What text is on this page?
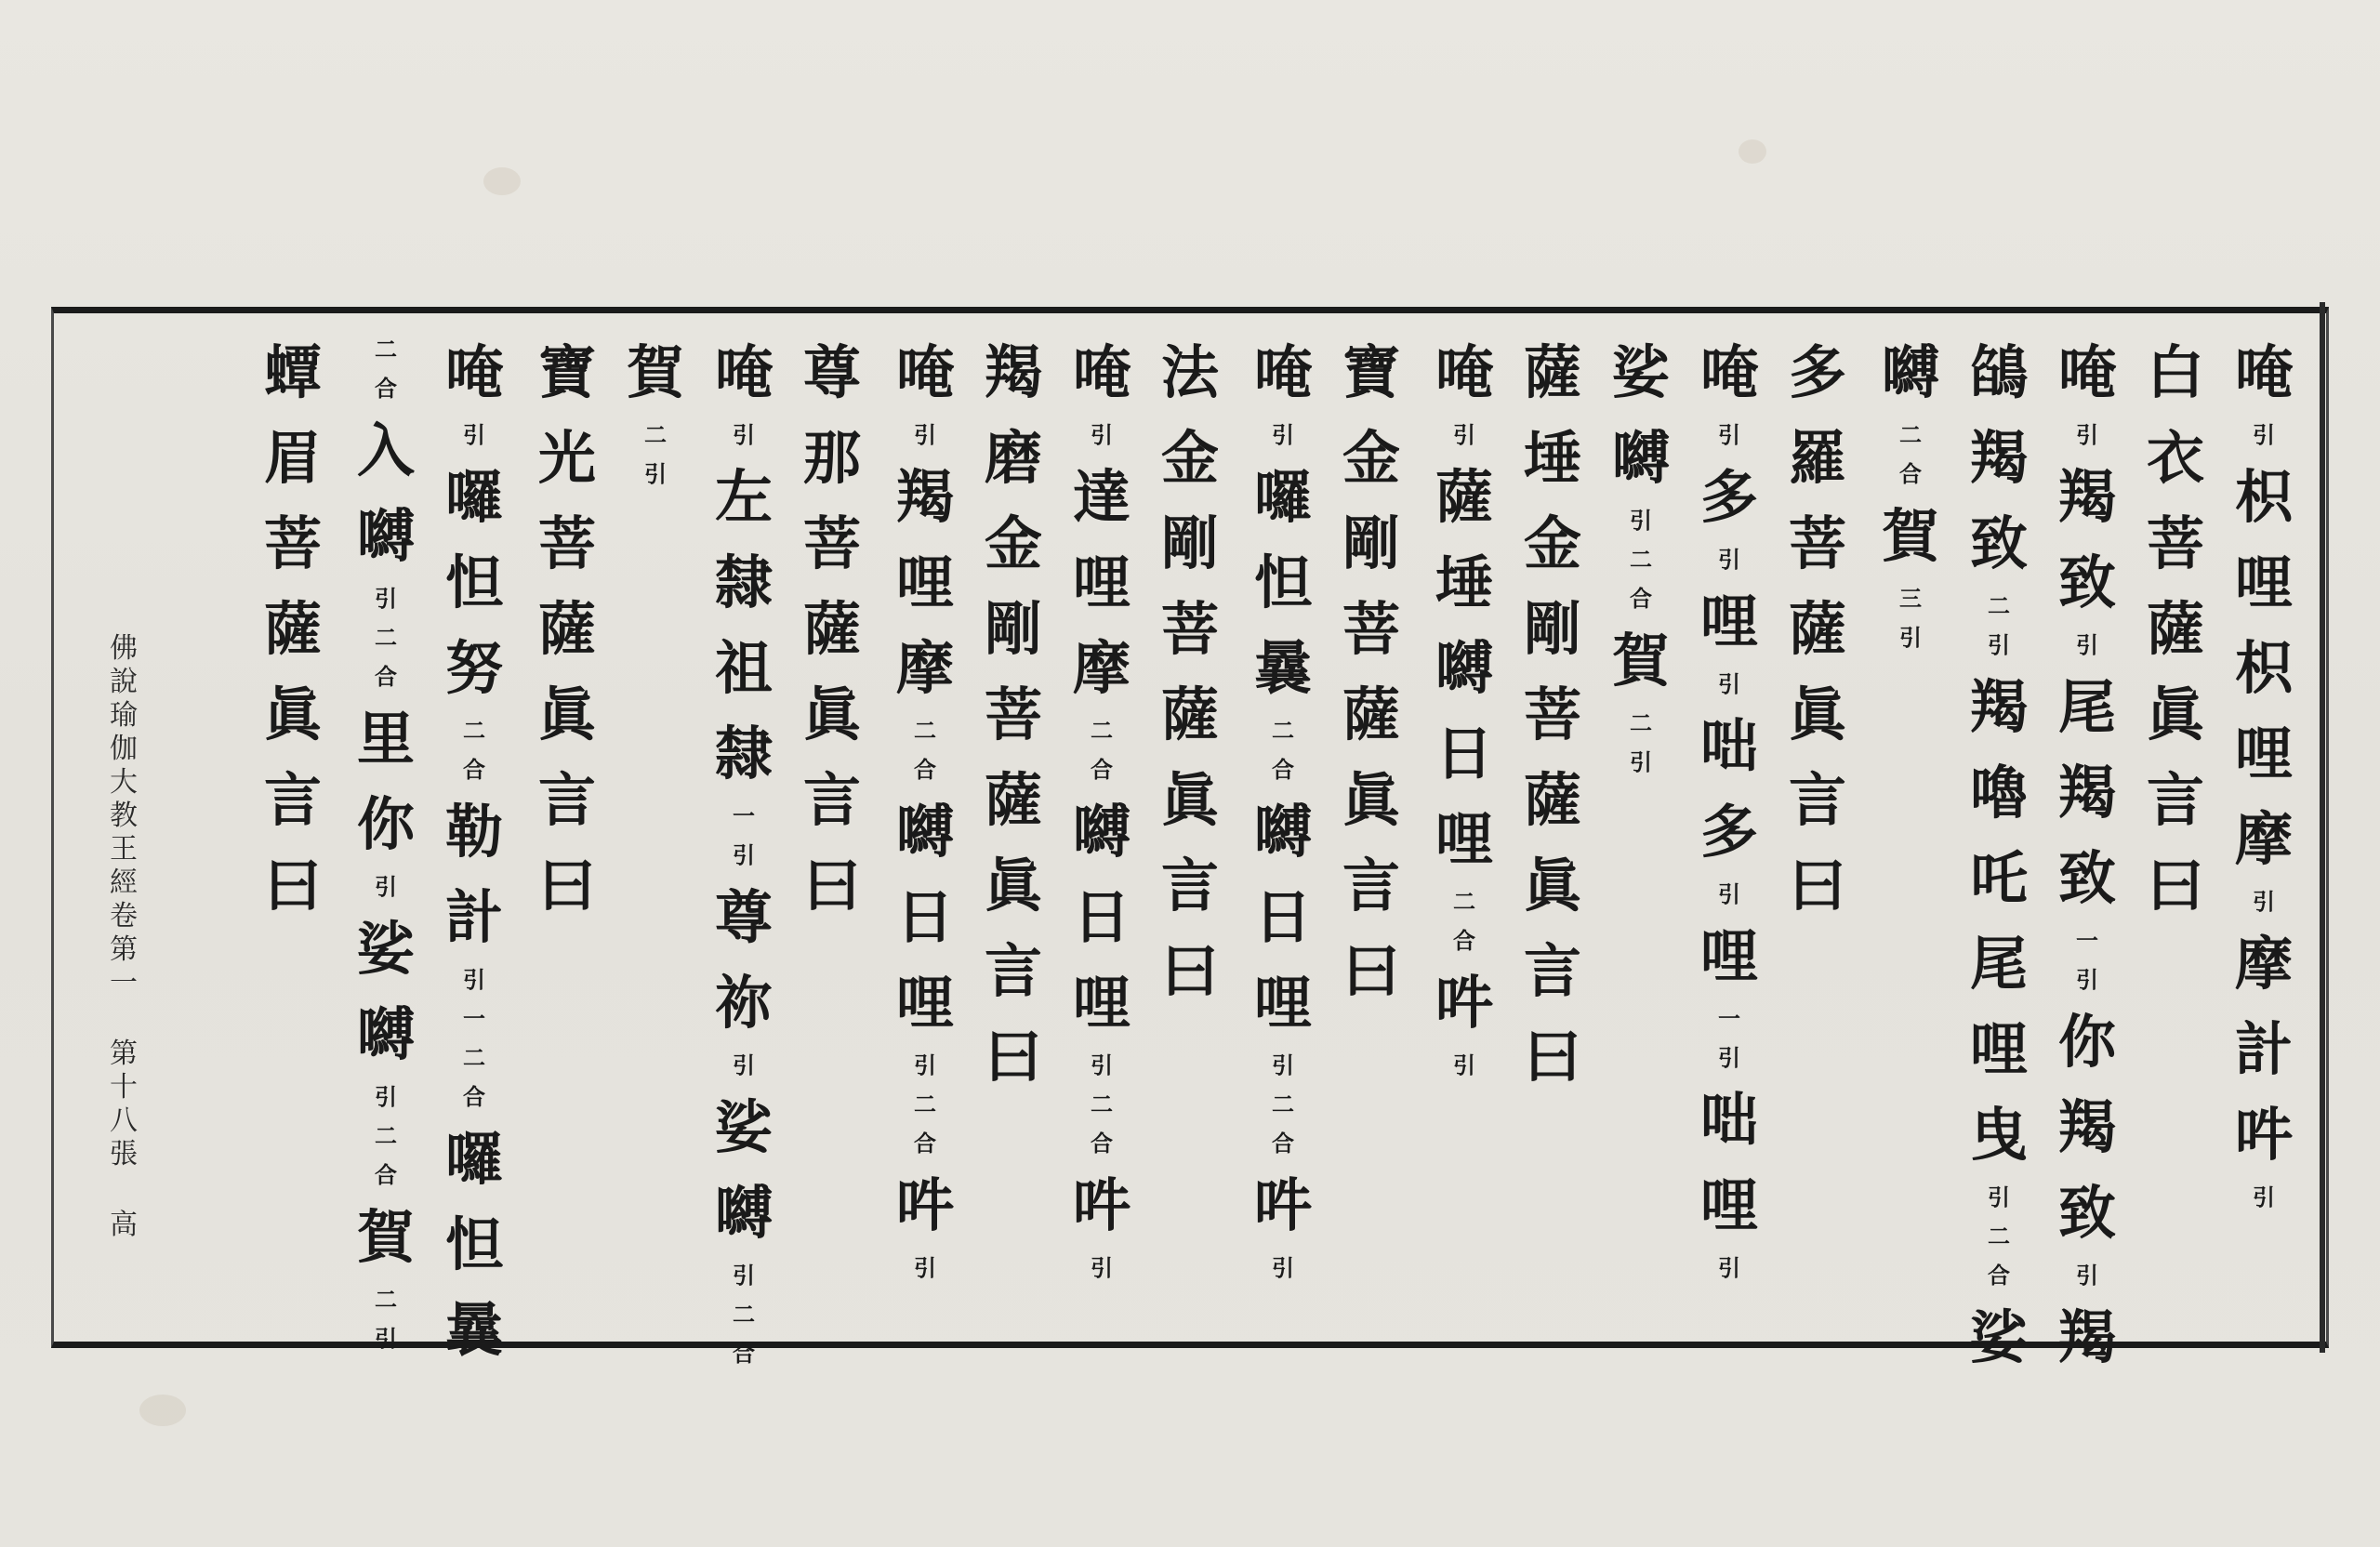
唵
引
枳
哩
枳
哩
摩
引
摩
計
吽
引
白
衣
菩
薩
眞
言
曰
唵
引
羯
致
引
尾
羯
致
一
引
你
羯
致
引
羯
鵮
羯
致
二
引
羯
嚕
吒
尾
哩
曳
引
二
合
娑
嚩
二
合
賀
三
引
多
羅
菩
薩
眞
言
曰
唵
引
多
引
哩
引
咄
多
引
哩
一
引
咄
哩
引
娑
嚩
引
二
合
賀
二
引
薩
埵
金
剛
菩
薩
眞
言
曰
唵
引
薩
埵
嚩
日
哩
二
合
吽
引
寶
金
剛
菩
薩
眞
言
曰
唵
引
囉
怛
曩
二
合
嚩
日
哩
引
二
合
吽
引
法
金
剛
菩
薩
眞
言
曰
唵
引
達
哩
摩
二
合
嚩
日
哩
引
二
合
吽
引
羯
磨
金
剛
菩
薩
眞
言
曰
唵
引
羯
哩
摩
二
合
嚩
日
哩
引
二
合
吽
引
尊
那
菩
薩
眞
言
曰
唵
引
左
隸
祖
隸
一
引
尊
祢
引
娑
嚩
引
二
合
賀
二
引
寶
光
菩
薩
眞
言
曰
唵
引
囉
怛
努
二
合
勒
計
引
一
二
合
囉
怛
曩
二
合
入
嚩
引
二
合
里
你
引
娑
嚩
引
二
合
賀
二
引
蟫
眉
菩
薩
眞
言
曰
佛
說
瑜
伽
大
教
王
經
卷
第
一
第
十
八
張
高
